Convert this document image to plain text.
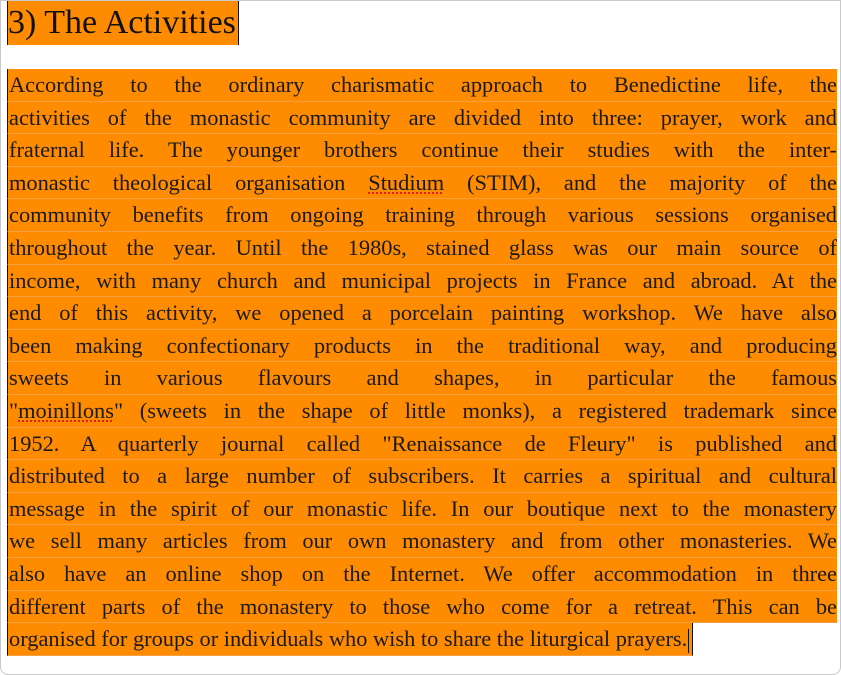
3) The Activities
According to the ordinary charismatic approach to Benedictine life, the
activities of the monastic community are divided into three: prayer, work and
fraternal life. The younger brothers continue their studies with the inter-
monastic theological organisation Studium (STIM), and the majority of the
community benefits from ongoing training through various sessions organised
throughout the year. Until the 1980s, stained glass was our main source of
income, with many church and municipal projects in France and abroad. At the
end of this activity, we opened a porcelain painting workshop. We have also
been making confectionary products in the traditional way, and producing
sweets in various flavours and shapes, in particular the famous
"moinillons" (sweets in the shape of little monks), a registered trademark since
1952. A quarterly journal called "Renaissance de Fleury" is published and
distributed to a large number of subscribers. It carries a spiritual and cultural
message in the spirit of our monastic life. In our boutique next to the monastery
we sell many articles from our own monastery and from other monasteries. We
also have an online shop on the Internet. We offer accommodation in three
different parts of the monastery to those who come for a retreat. This can be
organised for groups or individuals who wish to share the liturgical prayers.
